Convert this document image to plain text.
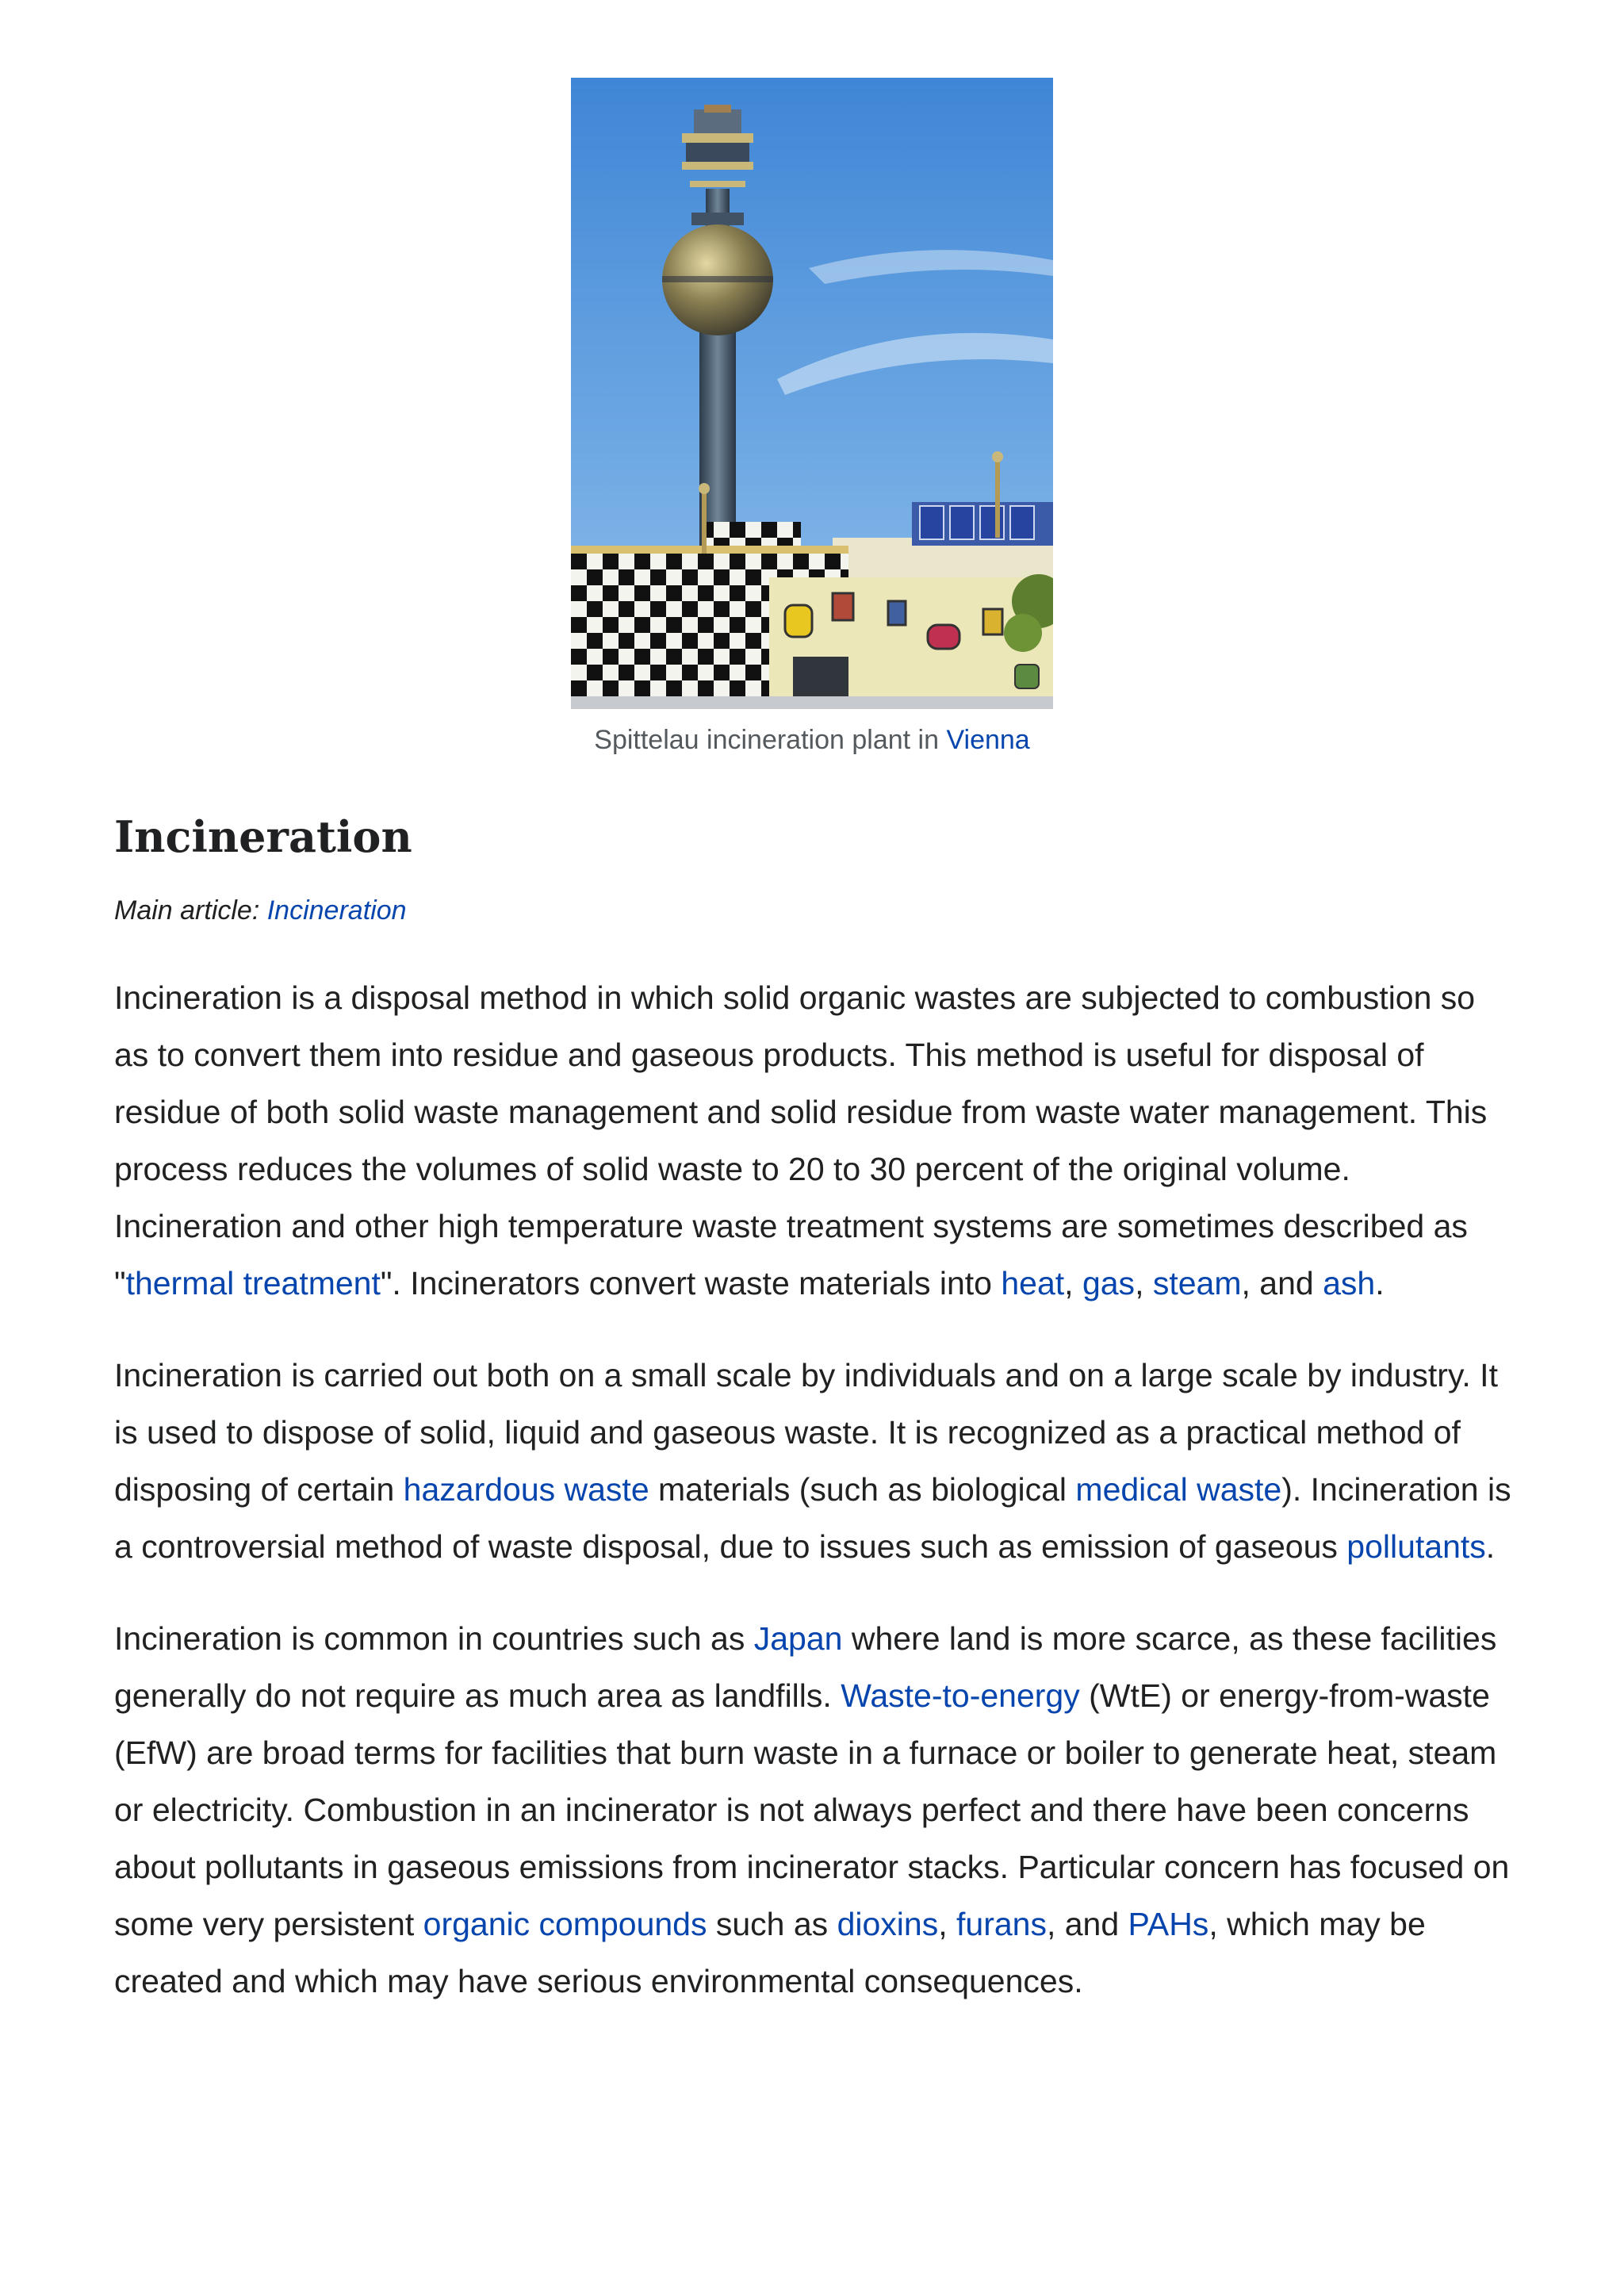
Spittelau incineration plant in Vienna
Incineration
Main article: Incineration

Incineration is a disposal method in which solid organic wastes are subjected to combustion so as to convert them into residue and gaseous products. This method is useful for disposal of residue of both solid waste management and solid residue from waste water management. This process reduces the volumes of solid waste to 20 to 30 percent of the original volume. Incineration and other high temperature waste treatment systems are sometimes described as "thermal treatment". Incinerators convert waste materials into heat, gas, steam, and ash.

Incineration is carried out both on a small scale by individuals and on a large scale by industry. It is used to dispose of solid, liquid and gaseous waste. It is recognized as a practical method of disposing of certain hazardous waste materials (such as biological medical waste). Incineration is a controversial method of waste disposal, due to issues such as emission of gaseous pollutants.

Incineration is common in countries such as Japan where land is more scarce, as these facilities generally do not require as much area as landfills. Waste-to-energy (WtE) or energy-from-waste (EfW) are broad terms for facilities that burn waste in a furnace or boiler to generate heat, steam or electricity. Combustion in an incinerator is not always perfect and there have been concerns about pollutants in gaseous emissions from incinerator stacks. Particular concern has focused on some very persistent organic compounds such as dioxins, furans, and PAHs, which may be created and which may have serious environmental consequences.
